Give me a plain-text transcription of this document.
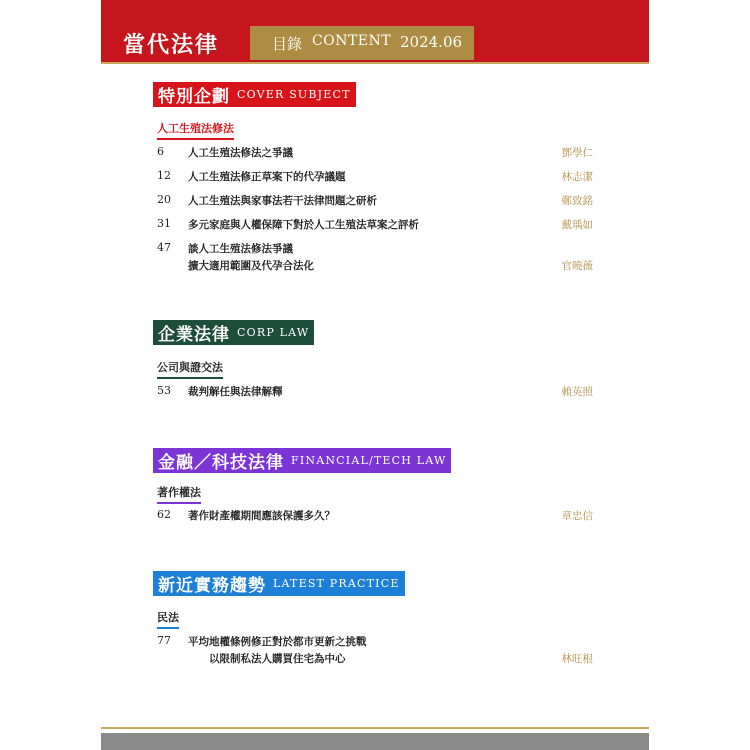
當代法律	目錄 CONTENT 2024.06
特別企劃 COVER SUBJECT
人工生殖法修法
6	人工生殖法修法之爭議	鄧學仁
12	人工生殖法修正草案下的代孕議題	林志潔
20	人工生殖法與家事法若干法律問題之研析	鄭致銘
31	多元家庭與人權保障下對於人工生殖法草案之評析	戴瑀如
47	談人工生殖法修法爭議
擴大適用範圍及代孕合法化	官曉薇
企業法律 CORP LAW
公司與證交法
53	裁判解任與法律解釋	賴英照
金融／科技法律 FINANCIAL/TECH LAW
著作權法
62	著作財產權期間應該保護多久？	章忠信
新近實務趨勢 LATEST PRACTICE
民法
77	平均地權條例修正對於都市更新之挑戰
以限制私法人購買住宅為中心	林旺根
